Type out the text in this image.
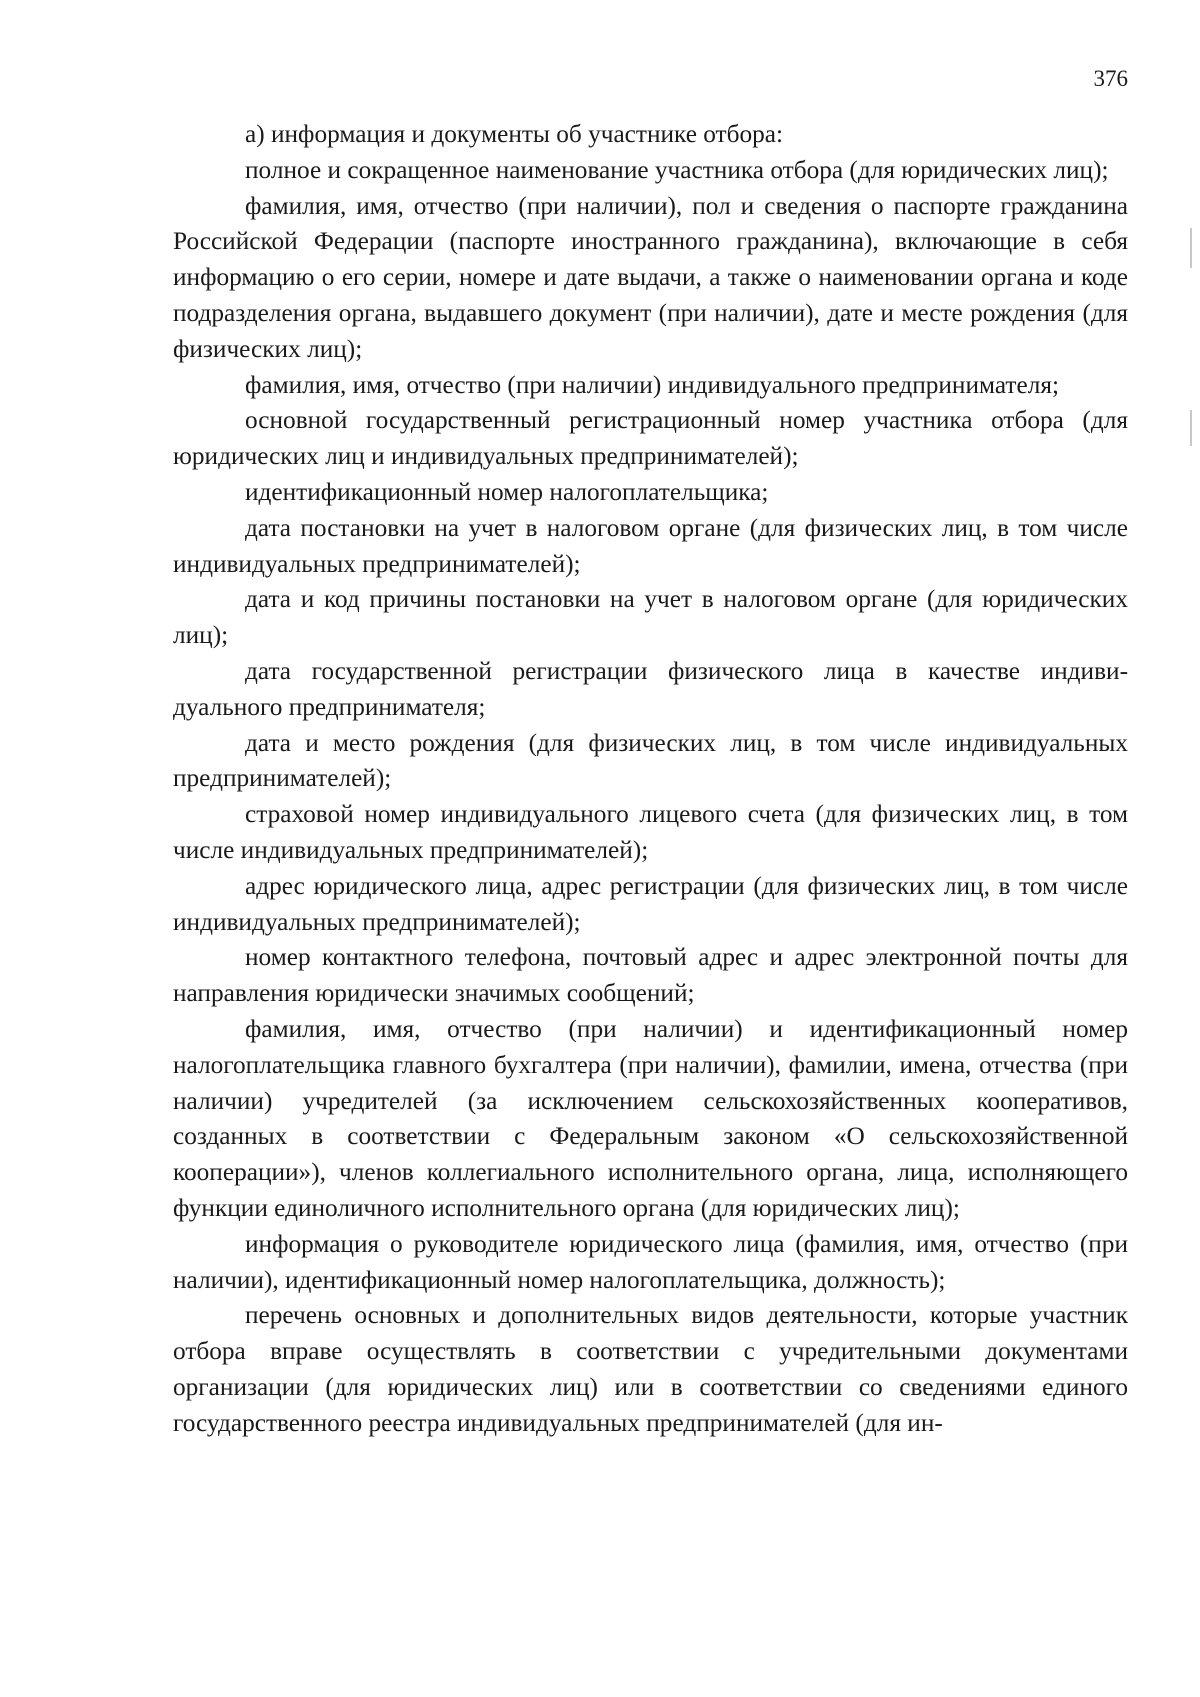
376

а) информация и документы об участнике отбора:

полное и сокращенное наименование участника отбора (для юридических лиц);

фамилия, имя, отчество (при наличии), пол и сведения о паспорте гражданина Российской Федерации (паспорте иностранного гражданина), включающие в себя информацию о его серии, номере и дате выдачи, а также о наименовании органа и коде подразделения органа, выдавшего документ (при наличии), дате и месте рождения (для физических лиц);

фамилия, имя, отчество (при наличии) индивидуального предпринимателя;

основной государственный регистрационный номер участника отбора (для юридических лиц и индивидуальных предпринимателей);

идентификационный номер налогоплательщика;

дата постановки на учет в налоговом органе (для физических лиц, в том числе индивидуальных предпринимателей);

дата и код причины постановки на учет в налоговом органе (для юридических лиц);

дата государственной регистрации физического лица в качестве индивидуального предпринимателя;

дата и место рождения (для физических лиц, в том числе индивидуальных предпринимателей);

страховой номер индивидуального лицевого счета (для физических лиц, в том числе индивидуальных предпринимателей);

адрес юридического лица, адрес регистрации (для физических лиц, в том числе индивидуальных предпринимателей);

номер контактного телефона, почтовый адрес и адрес электронной почты для направления юридически значимых сообщений;

фамилия, имя, отчество (при наличии) и идентификационный номер налогоплательщика главного бухгалтера (при наличии), фамилии, имена, отчества (при наличии) учредителей (за исключением сельскохозяйственных кооперативов, созданных в соответствии с Федеральным законом «О сельскохозяйственной кооперации»), членов коллегиального исполнительного органа, лица, исполняющего функции единоличного исполнительного органа (для юридических лиц);

информация о руководителе юридического лица (фамилия, имя, отчество (при наличии), идентификационный номер налогоплательщика, должность);

перечень основных и дополнительных видов деятельности, которые участник отбора вправе осуществлять в соответствии с учредительными документами организации (для юридических лиц) или в соответствии со сведениями единого государственного реестра индивидуальных предпринимателей (для ин-
